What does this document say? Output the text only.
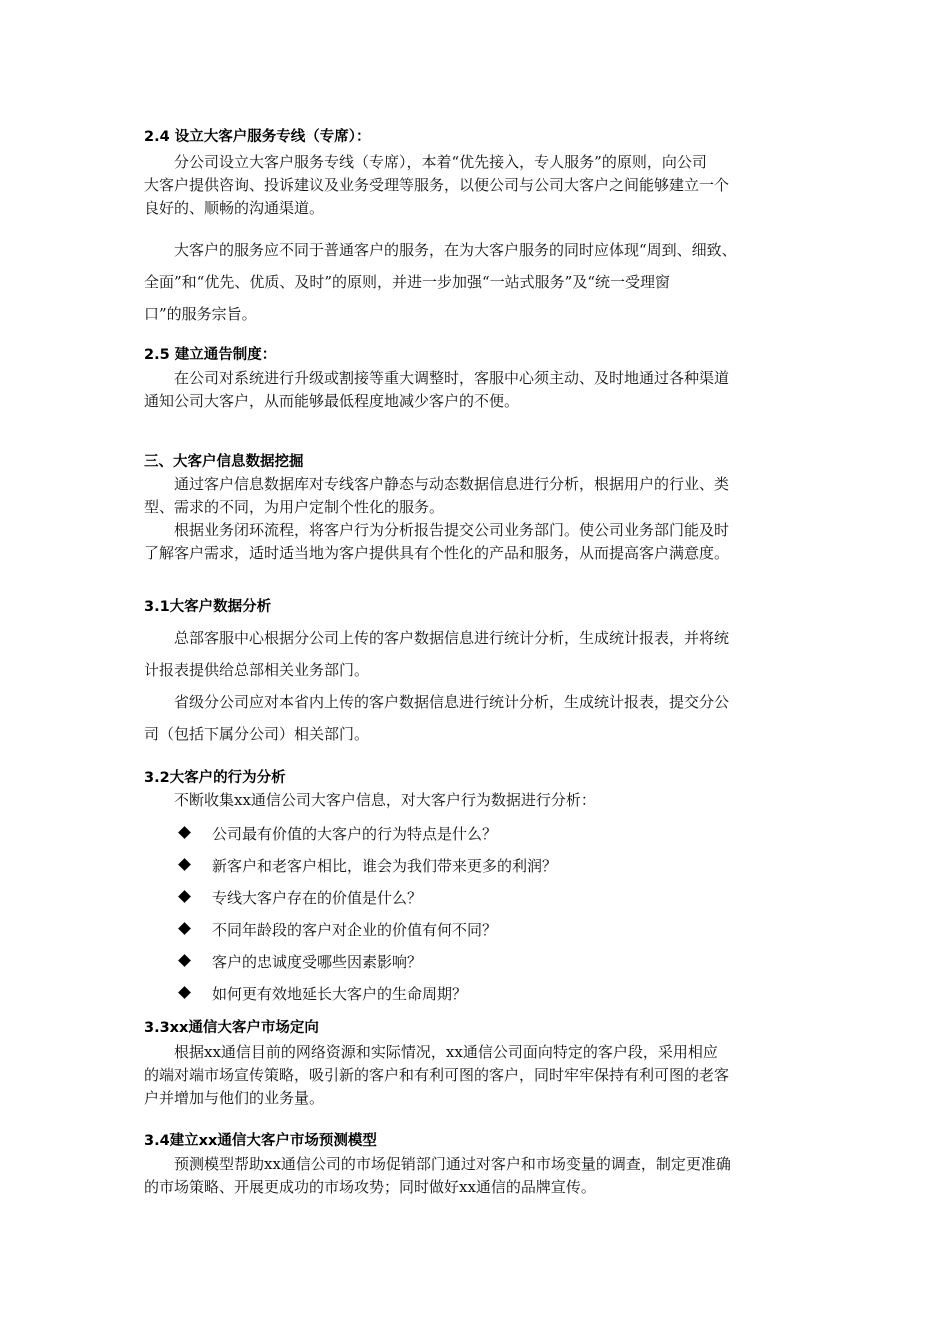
2.4 设立大客户服务专线（专席）：
　　分公司设立大客户服务专线（专席），本着“优先接入，专人服务”的原则，向公司
大客户提供咨询、投诉建议及业务受理等服务，以便公司与公司大客户之间能够建立一个
良好的、顺畅的沟通渠道。
　　大客户的服务应不同于普通客户的服务，在为大客户服务的同时应体现“周到、细致、
全面”和“优先、优质、及时”的原则，并进一步加强“一站式服务”及“统一受理窗
口”的服务宗旨。
2.5 建立通告制度：
　　在公司对系统进行升级或割接等重大调整时，客服中心须主动、及时地通过各种渠道
通知公司大客户，从而能够最低程度地减少客户的不便。
三、大客户信息数据挖掘
　　通过客户信息数据库对专线客户静态与动态数据信息进行分析，根据用户的行业、类
型、需求的不同，为用户定制个性化的服务。
　　根据业务闭环流程，将客户行为分析报告提交公司业务部门。使公司业务部门能及时
了解客户需求，适时适当地为客户提供具有个性化的产品和服务，从而提高客户满意度。
3.1大客户数据分析
　　总部客服中心根据分公司上传的客户数据信息进行统计分析，生成统计报表，并将统
计报表提供给总部相关业务部门。
　　省级分公司应对本省内上传的客户数据信息进行统计分析，生成统计报表，提交分公
司（包括下属分公司）相关部门。
3.2大客户的行为分析
　　不断收集xx通信公司大客户信息，对大客户行为数据进行分析：
公司最有价值的大客户的行为特点是什么？
新客户和老客户相比，谁会为我们带来更多的利润？
专线大客户存在的价值是什么？
不同年龄段的客户对企业的价值有何不同？
客户的忠诚度受哪些因素影响？
如何更有效地延长大客户的生命周期？
3.3xx通信大客户市场定向
　　根据xx通信目前的网络资源和实际情况，xx通信公司面向特定的客户段，采用相应
的端对端市场宣传策略，吸引新的客户和有利可图的客户，同时牢牢保持有利可图的老客
户并增加与他们的业务量。
3.4建立xx通信大客户市场预测模型
　　预测模型帮助xx通信公司的市场促销部门通过对客户和市场变量的调查，制定更准确
的市场策略、开展更成功的市场攻势；同时做好xx通信的品牌宣传。
